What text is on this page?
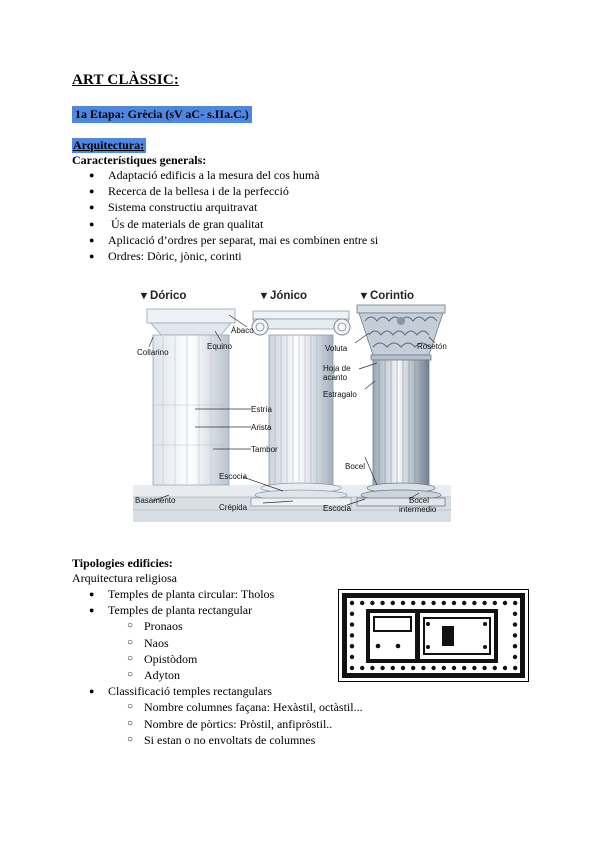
ART CLÀSSIC:
1a Etapa: Grècia (sV aC- s.IIa.C.)
Arquitectura:
Característiques generals:
● Adaptació edificis a la mesura del cos humà
● Recerca de la bellesa i de la perfecció
● Sistema constructiu arquitravat
● Ús de materials de gran qualitat
● Aplicació d’ordres per separat, mai es combinen entre si
● Ordres: Dòric, jònic, corinti
▾ Dórico	▾ Jónico	▾ Corintio
Ábaco
Equino
Collarino
Estría
Arista
Tambor
Escocia
Basamento
Crépida	Escocia
Voluta	Rosetón
Hoja de
acanto
Estragalo
Bocel
Bocel
intermedio
Tipologies edificies:
Arquitectura religiosa
● Temples de planta circular: Tholos
● Temples de planta rectangular
○ Pronaos
○ Naos
○ Opistòdom
○ Adyton
● Classificació temples rectangulars
○ Nombre columnes façana: Hexàstil, octàstil...
○ Nombre de pòrtics: Pròstil, anfipròstil..
○ Si estan o no envoltats de columnes
